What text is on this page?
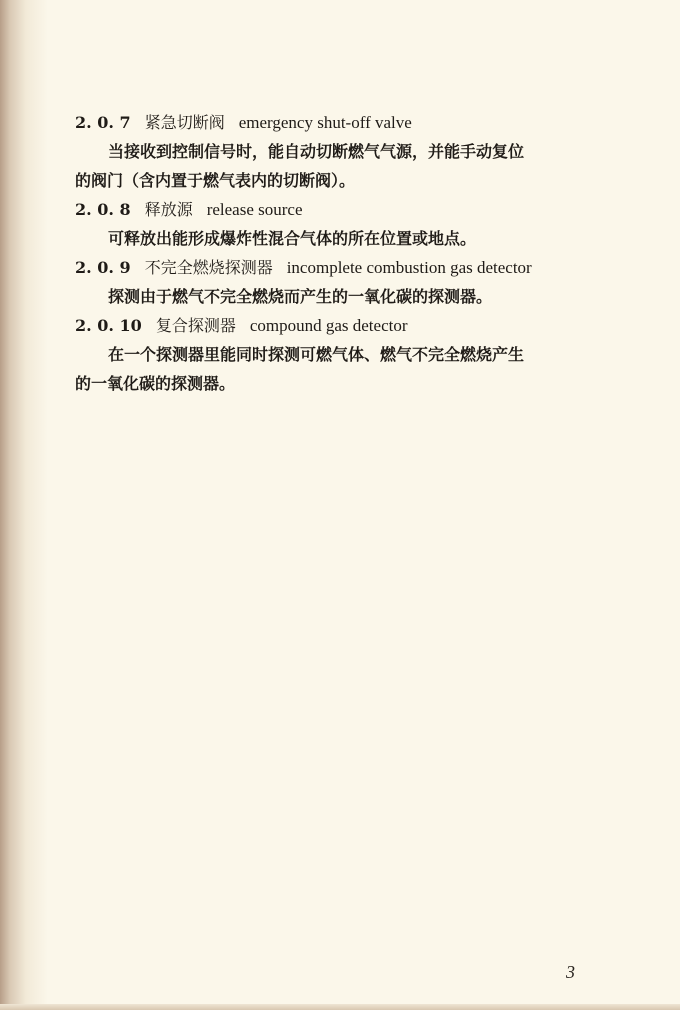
2. 0. 7 紧急切断阀 emergency shut-off valve
当接收到控制信号时，能自动切断燃气气源，并能手动复位
的阀门（含内置于燃气表内的切断阀）。
2. 0. 8 释放源 release source
可释放出能形成爆炸性混合气体的所在位置或地点。
2. 0. 9 不完全燃烧探测器 incomplete combustion gas detector
探测由于燃气不完全燃烧而产生的一氧化碳的探测器。
2. 0. 10 复合探测器 compound gas detector
在一个探测器里能同时探测可燃气体、燃气不完全燃烧产生
的一氧化碳的探测器。
3
